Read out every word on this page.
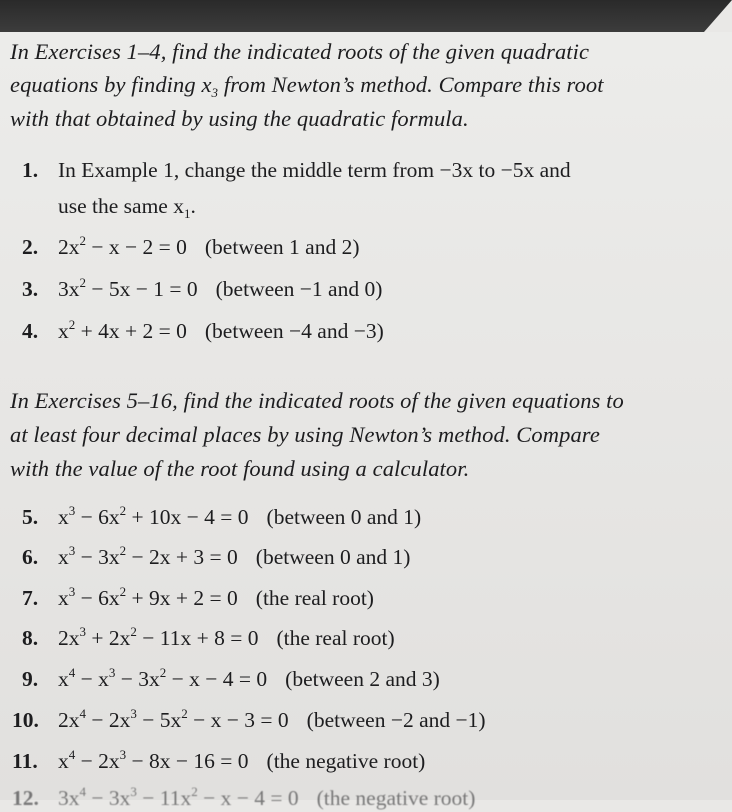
In Exercises 1–4, find the indicated roots of the given quadratic
equations by finding $x_3$ from Newton’s method. Compare this root
with that obtained by using the quadratic formula.
1. In Example 1, change the middle term from −3x to −5x and
use the same $x_1$.
2. $2x^2 - x - 2 = 0$ (between 1 and 2)
3. $3x^2 - 5x - 1 = 0$ (between −1 and 0)
4. $x^2 + 4x + 2 = 0$ (between −4 and −3)
In Exercises 5–16, find the indicated roots of the given equations to
at least four decimal places by using Newton’s method. Compare
with the value of the root found using a calculator.
5. $x^3 - 6x^2 + 10x - 4 = 0$ (between 0 and 1)
6. $x^3 - 3x^2 - 2x + 3 = 0$ (between 0 and 1)
7. $x^3 - 6x^2 + 9x + 2 = 0$ (the real root)
8. $2x^3 + 2x^2 - 11x + 8 = 0$ (the real root)
9. $x^4 - x^3 - 3x^2 - x - 4 = 0$ (between 2 and 3)
10. $2x^4 - 2x^3 - 5x^2 - x - 3 = 0$ (between −2 and −1)
11. $x^4 - 2x^3 - 8x - 16 = 0$ (the negative root)
12. $3x^4 - 3x^3 - 11x^2 - x - 4 = 0$ (the negative root)
